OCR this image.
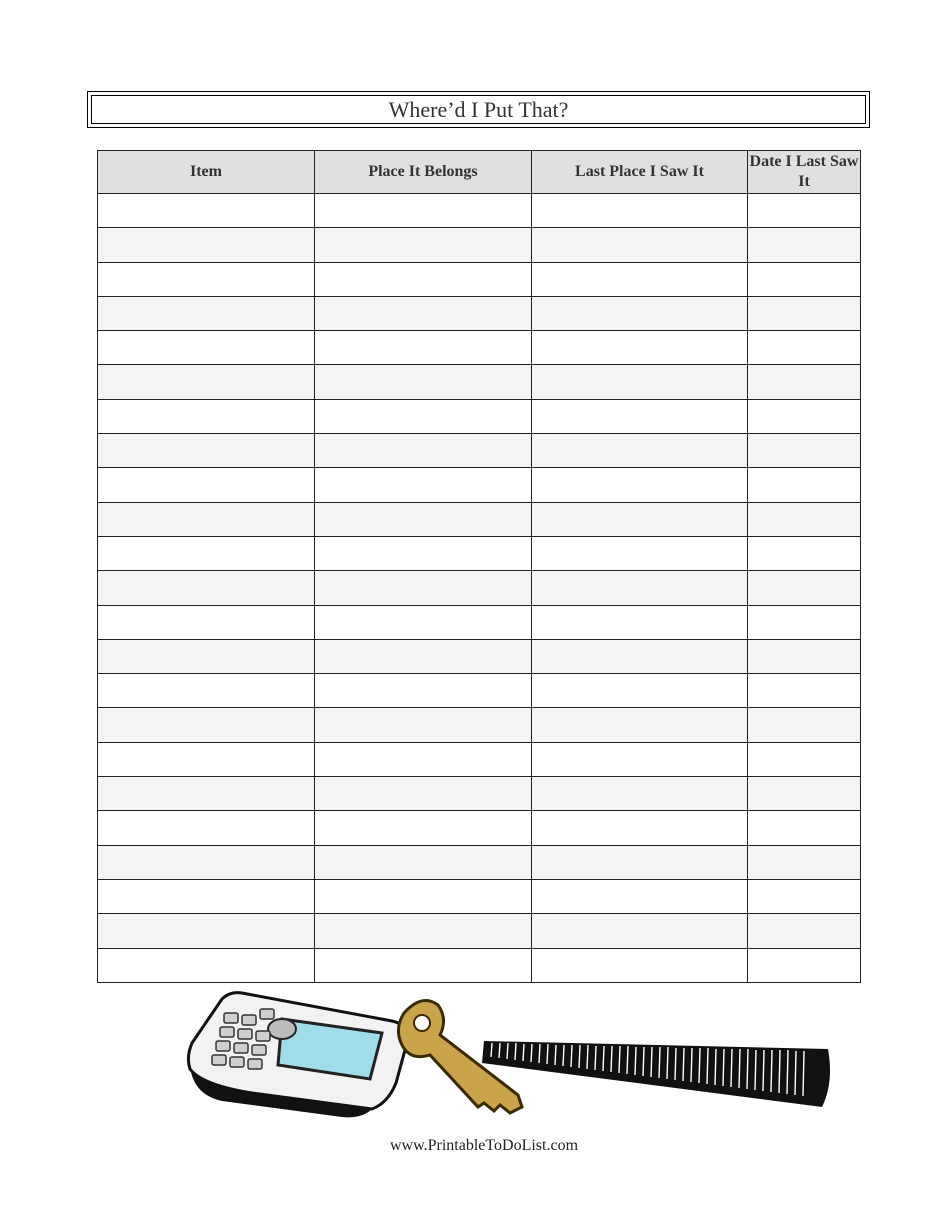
Where’d I Put That?
Item	Place It Belongs	Last Place I Saw It	Date I Last Saw It

www.PrintableToDoList.com
